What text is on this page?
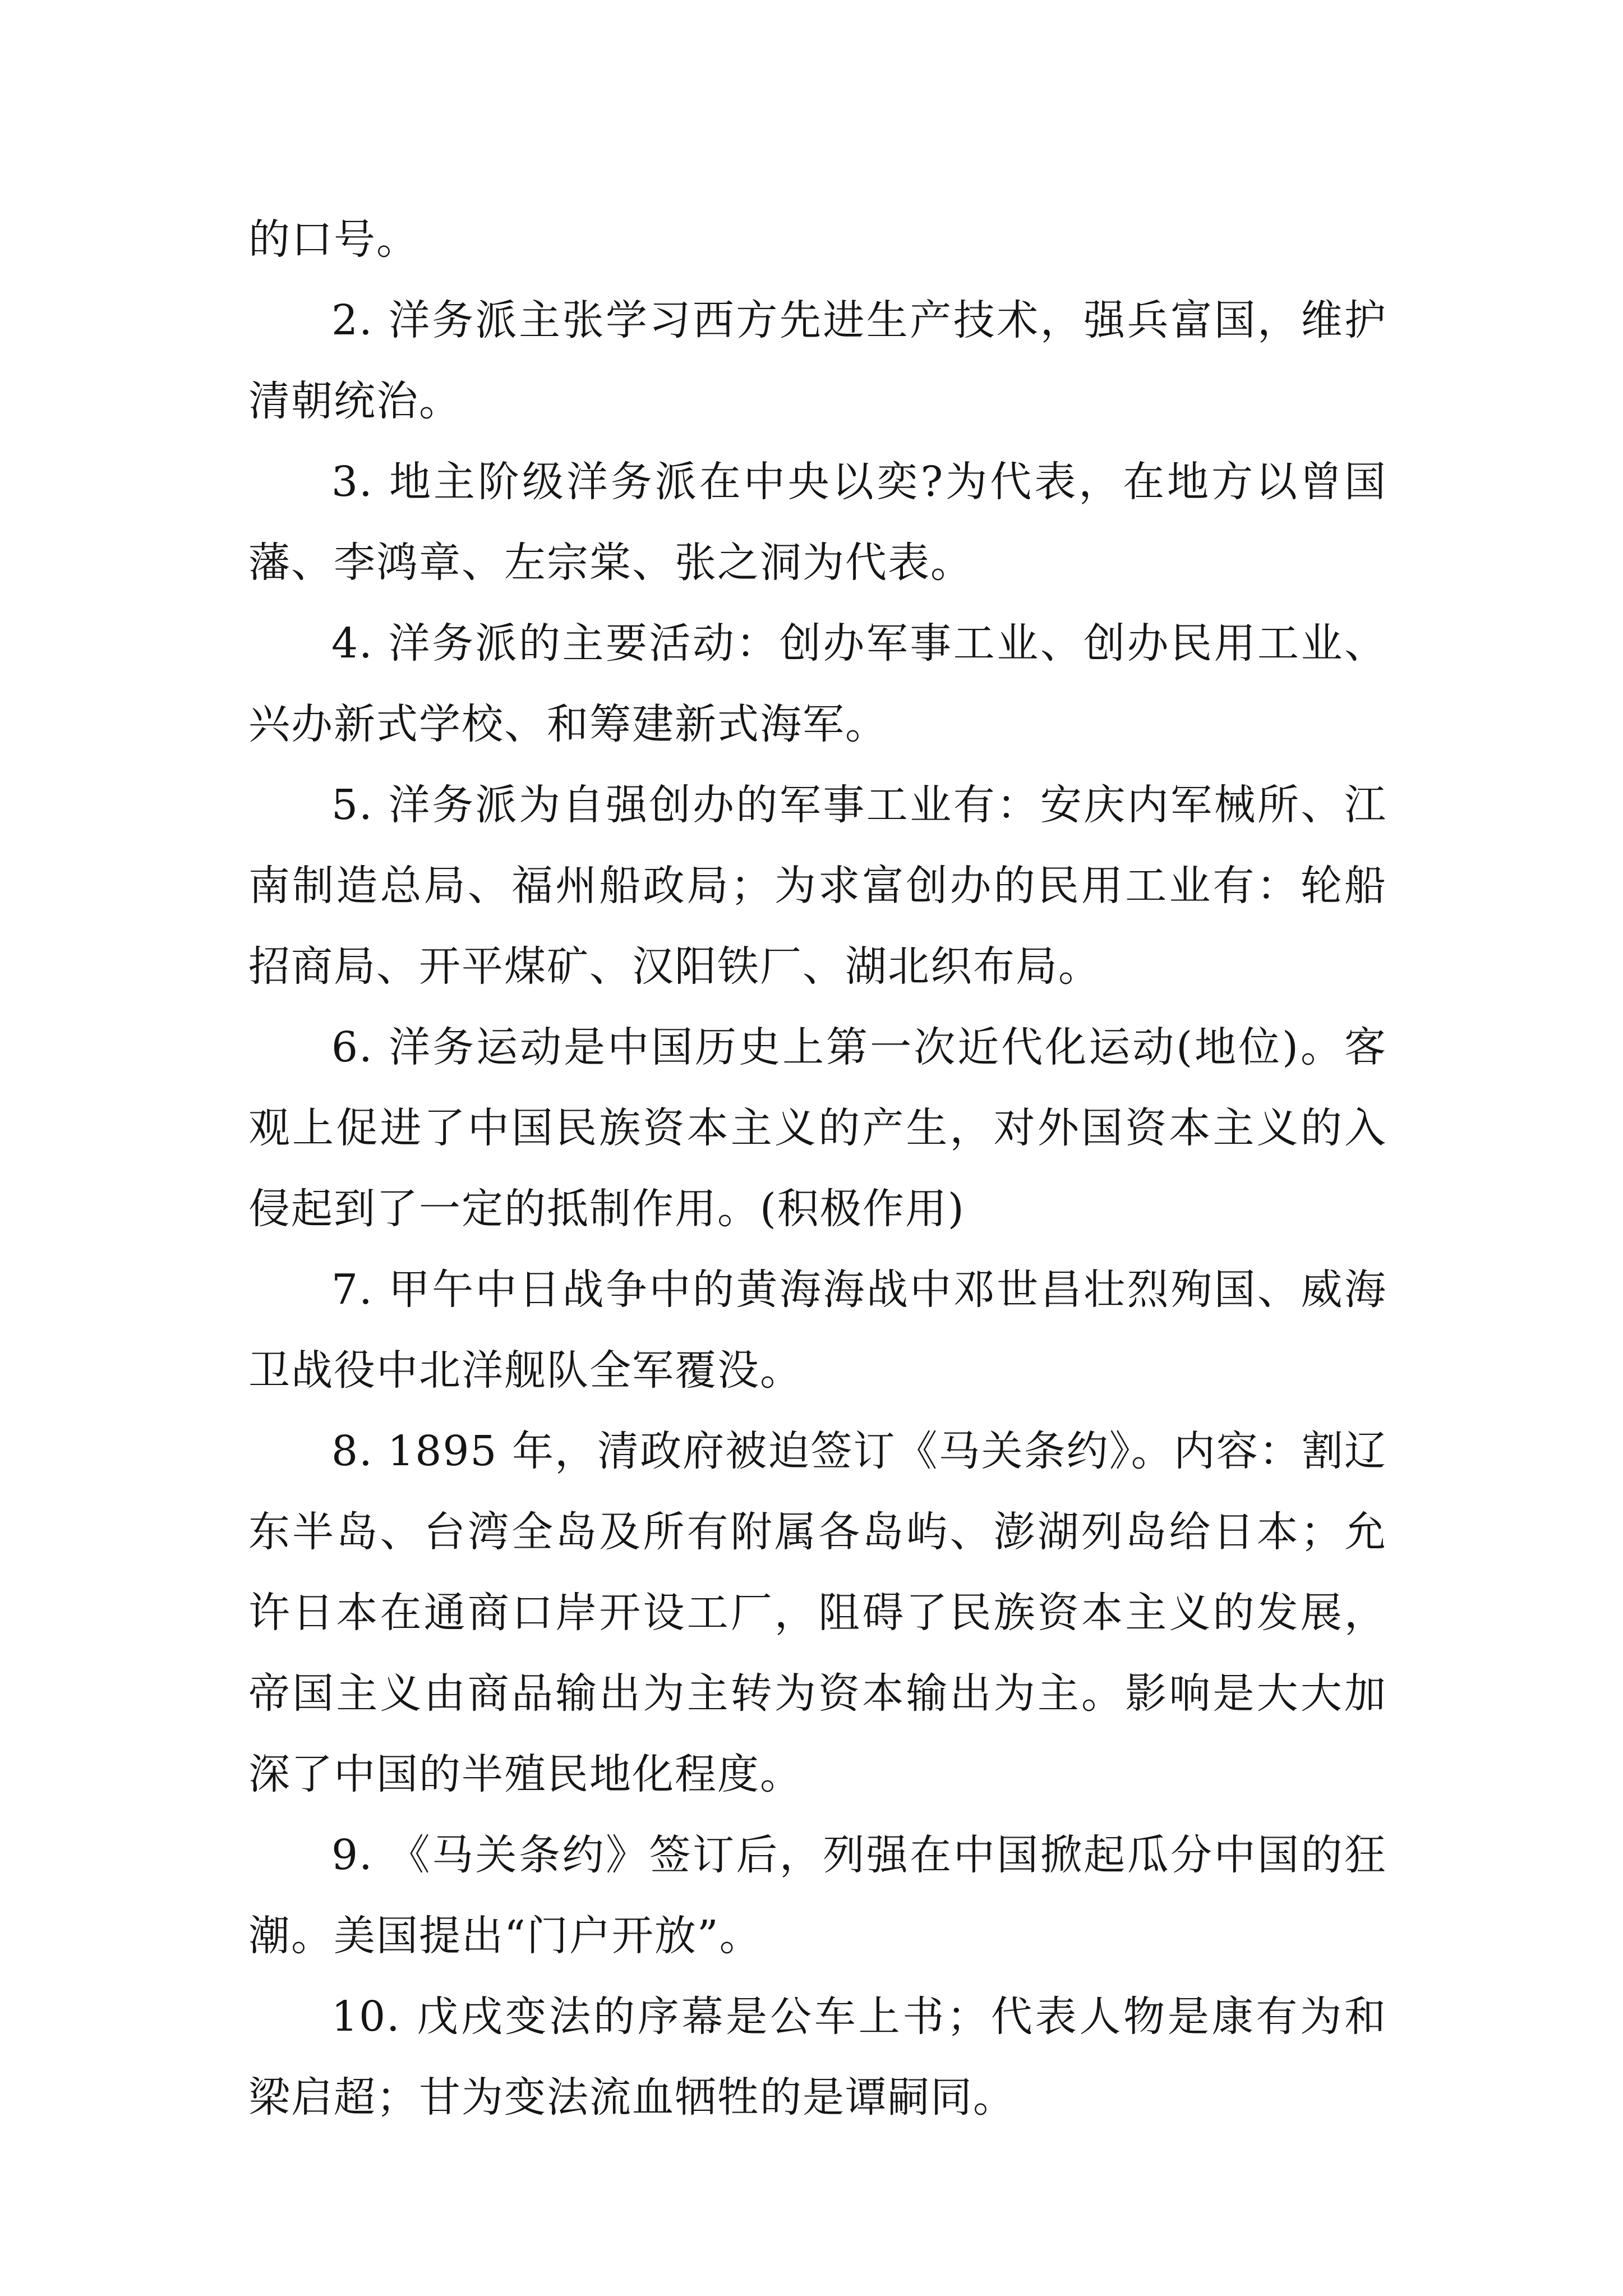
的口号。

2. 洋务派主张学习西方先进生产技术，强兵富国，维护清朝统治。

3. 地主阶级洋务派在中央以奕?为代表，在地方以曾国藩、李鸿章、左宗棠、张之洞为代表。

4. 洋务派的主要活动：创办军事工业、创办民用工业、兴办新式学校、和筹建新式海军。

5. 洋务派为自强创办的军事工业有：安庆内军械所、江南制造总局、福州船政局；为求富创办的民用工业有：轮船招商局、开平煤矿、汉阳铁厂、湖北织布局。

6. 洋务运动是中国历史上第一次近代化运动(地位)。客观上促进了中国民族资本主义的产生，对外国资本主义的入侵起到了一定的抵制作用。(积极作用)

7. 甲午中日战争中的黄海海战中邓世昌壮烈殉国、威海卫战役中北洋舰队全军覆没。

8. 1895 年，清政府被迫签订《马关条约》。内容：割辽东半岛、台湾全岛及所有附属各岛屿、澎湖列岛给日本；允许日本在通商口岸开设工厂，阻碍了民族资本主义的发展，帝国主义由商品输出为主转为资本输出为主。影响是大大加深了中国的半殖民地化程度。

9. 《马关条约》签订后，列强在中国掀起瓜分中国的狂潮。美国提出“门户开放”。

10. 戊戌变法的序幕是公车上书；代表人物是康有为和梁启超；甘为变法流血牺牲的是谭嗣同。
